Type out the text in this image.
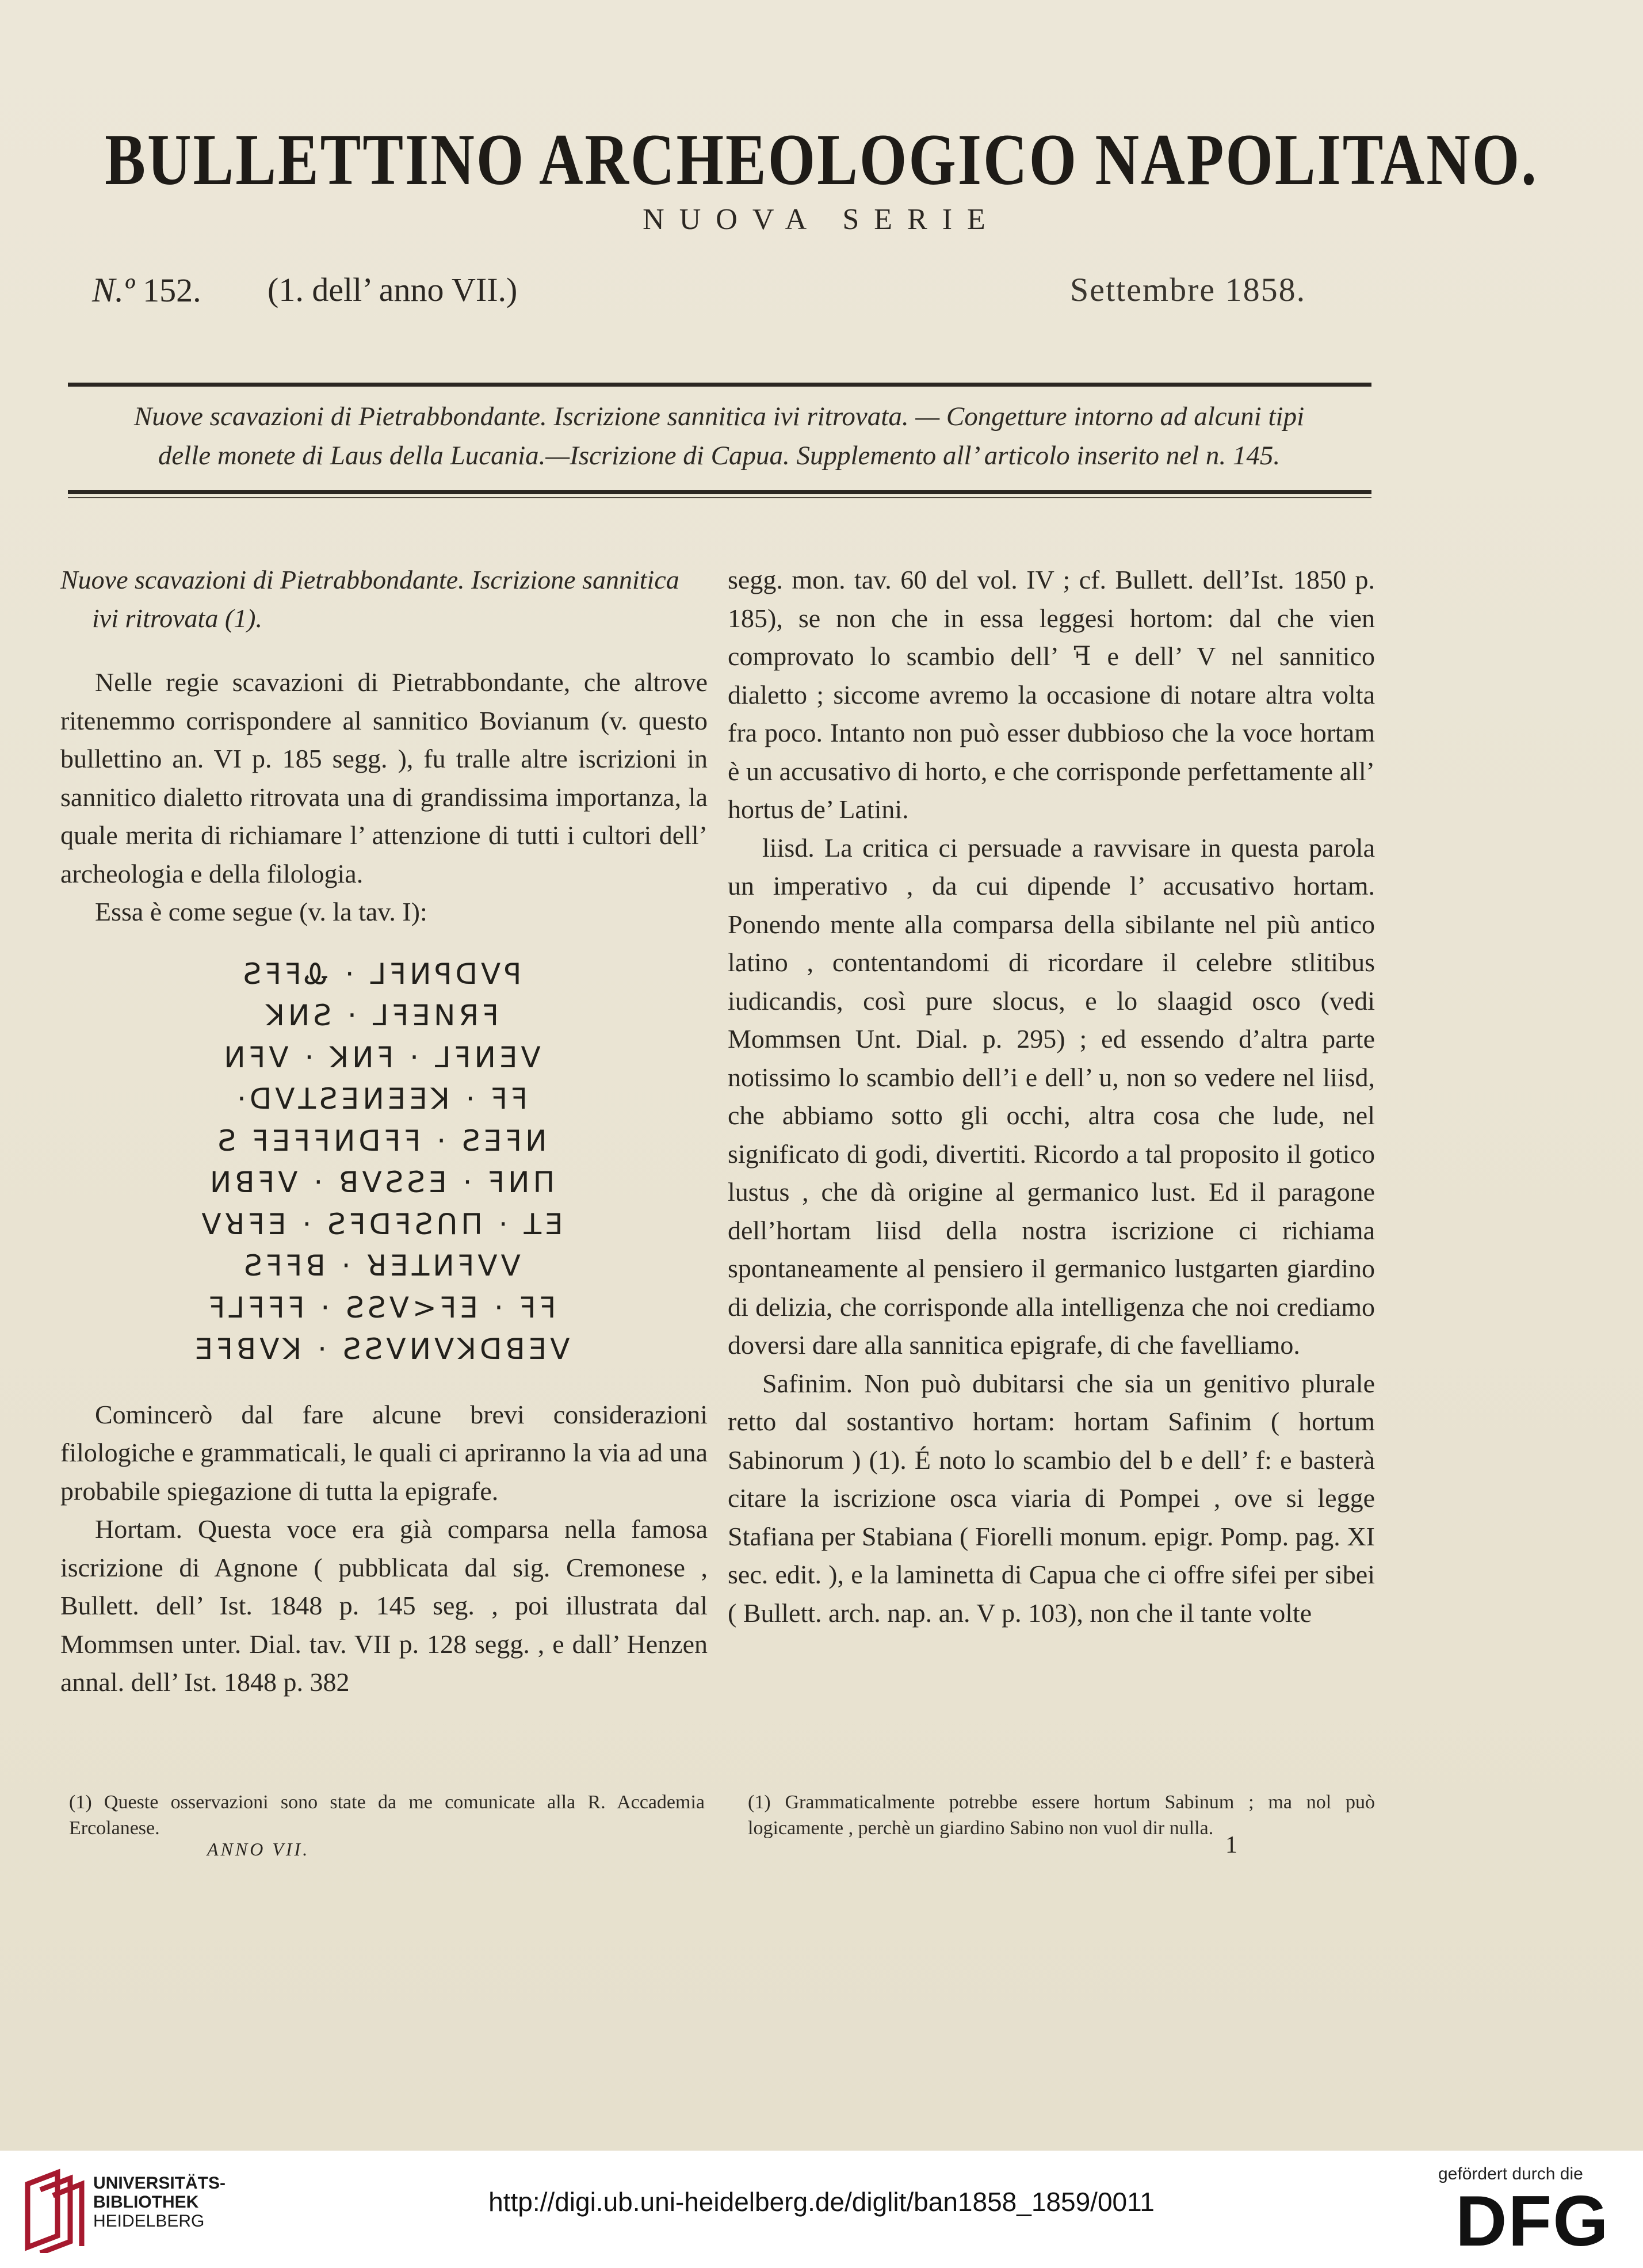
BULLETTINO ARCHEOLOGICO NAPOLITANO.
NUOVA SERIE
N.º 152. (1. dell’ anno VII.)	Settembre 1858.
Nuove scavazioni di Pietrabbondante. Iscrizione sannitica ivi ritrovata. — Congetture intorno ad alcuni tipi
delle monete di Laus della Lucania.—Iscrizione di Capua. Supplemento all’ articolo inserito nel n. 145.

Nuove scavazioni di Pietrabbondante. Iscrizione sannitica ivi ritrovata (1).

Nelle regie scavazioni di Pietrabbondante, che altrove ritenemmo corrispondere al sannitico Bovianum (v. questo bullettino an. VI p. 185 segg. ), fu tralle altre iscrizioni in sannitico dialetto ritrovata una di grandissima importanza, la quale merita di richiamare l’ attenzione di tutti i cultori dell’ archeologia e della filologia.

Essa è come segue (v. la tav. I):

ƧꟻꟻᎲ · ⅃ꟻИꟼꓷVꟼ
ꓘИƧ · ⅃ꟻꓱNЯꟻ
ИꟻV · ꓘИꟻ · ⅃ꟻИƎV
·ꓷVꓕƧꓱИƎƎꓘ · ꟻꟻ
Ƨ ꟻꓱꟻꟻИꓷꟻꟻ · ƧꓱꟻИ
ИꓭꟻV · ꓭVƧƧƎ · ꟻИП
VꓤꟻƎ · ƧꟻꓷꟻƧꓵП · ꓕƎ
Ƨꟻꟻꓭ · ꓤƎꓕИꟻVV
ꟻ⅃ꟻꟻꟻ · ƧƧV>ꟻƎ · ꟻꟻ
ƎꟻꓭVꓘ · ƧƧVИVꓘꓷꓭƎV

Comincerò dal fare alcune brevi considerazioni filologiche e grammaticali, le quali ci apriranno la via ad una probabile spiegazione di tutta la epigrafe.

Hortam. Questa voce era già comparsa nella famosa iscrizione di Agnone ( pubblicata dal sig. Cremonese , Bullett. dell’ Ist. 1848 p. 145 seg. , poi illustrata dal Mommsen unter. Dial. tav. VII p. 128 segg. , e dall’ Henzen annal. dell’ Ist. 1848 p. 382

segg. mon. tav. 60 del vol. IV ; cf. Bullett. dell’Ist. 1850 p. 185), se non che in essa leggesi hortom: dal che vien comprovato lo scambio dell’ ꟻ e dell’ V nel sannitico dialetto ; siccome avremo la occasione di notare altra volta fra poco. Intanto non può esser dubbioso che la voce hortam è un accusativo di horto, e che corrisponde perfettamente all’ hortus de’ Latini.

liisd. La critica ci persuade a ravvisare in questa parola un imperativo , da cui dipende l’ accusativo hortam. Ponendo mente alla comparsa della sibilante nel più antico latino , contentandomi di ricordare il celebre stlitibus iudicandis, così pure slocus, e lo slaagid osco (vedi Mommsen Unt. Dial. p. 295) ; ed essendo d’altra parte notissimo lo scambio dell’i e dell’ u, non so vedere nel liisd, che abbiamo sotto gli occhi, altra cosa che lude, nel significato di godi, divertiti. Ricordo a tal proposito il gotico lustus , che dà origine al germanico lust. Ed il paragone dell’hortam liisd della nostra iscrizione ci richiama spontaneamente al pensiero il germanico lustgarten giardino di delizia, che corrisponde alla intelligenza che noi crediamo doversi dare alla sannitica epigrafe, di che favelliamo.

Safinim. Non può dubitarsi che sia un genitivo plurale retto dal sostantivo hortam: hortam Safinim ( hortum Sabinorum ) (1). É noto lo scambio del b e dell’ f: e basterà citare la iscrizione osca viaria di Pompei , ove si legge Stafiana per Stabiana ( Fiorelli monum. epigr. Pomp. pag. XI sec. edit. ), e la laminetta di Capua che ci offre sifei per sibei ( Bullett. arch. nap. an. V p. 103), non che il tante volte

(1) Queste osservazioni sono state da me comunicate alla R. Accademia Ercolanese.
(1) Grammaticalmente potrebbe essere hortum Sabinum ; ma nol può logicamente , perchè un giardino Sabino non vuol dir nulla.
ANNO VII.	1
UNIVERSITÄTS-
BIBLIOTHEK
HEIDELBERG
http://digi.ub.uni-heidelberg.de/diglit/ban1858_1859/0011
gefördert durch die
DFG
